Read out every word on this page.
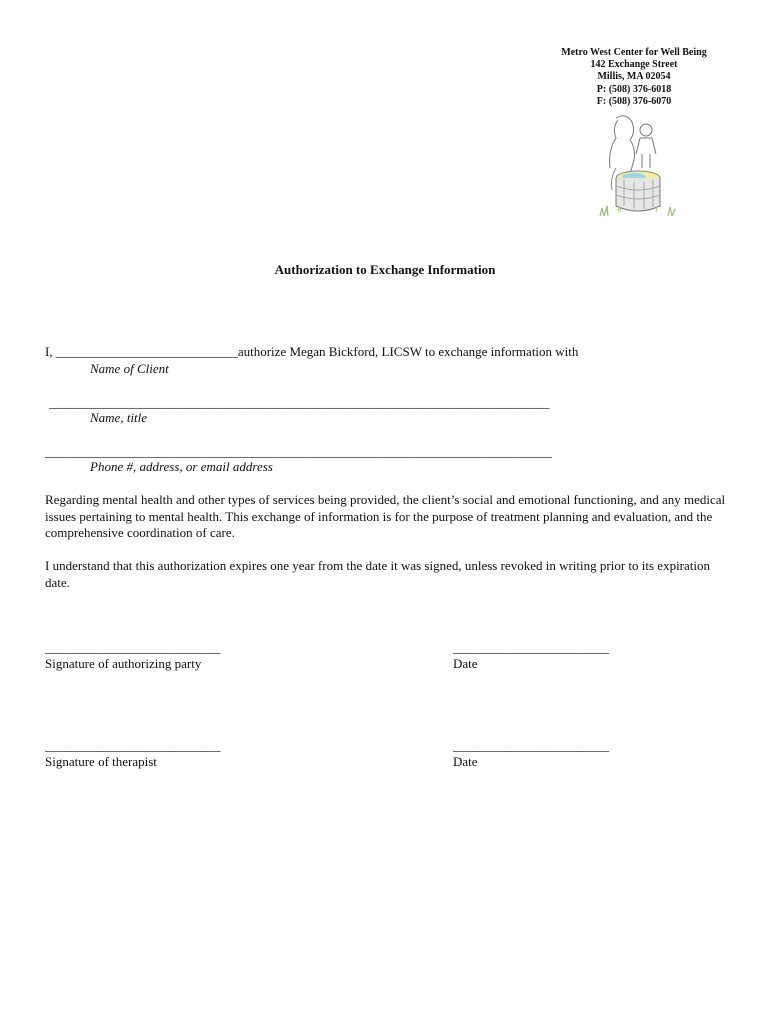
Metro West Center for Well Being
142 Exchange Street
Millis, MA 02054
P: (508) 376-6018
F: (508) 376-6070
Authorization to Exchange Information
I, ____________________________authorize Megan Bickford, LICSW to exchange information with
Name of Client
_____________________________________________________________________________
Name, title
______________________________________________________________________________
Phone #, address, or email address
Regarding mental health and other types of services being provided, the client’s social and emotional functioning, and any medical issues pertaining to mental health. This exchange of information is for the purpose of treatment planning and evaluation, and the comprehensive coordination of care.
I understand that this authorization expires one year from the date it was signed, unless revoked in writing prior to its expiration date.
___________________________
Signature of authorizing party
________________________
Date
___________________________
Signature of therapist
________________________
Date
